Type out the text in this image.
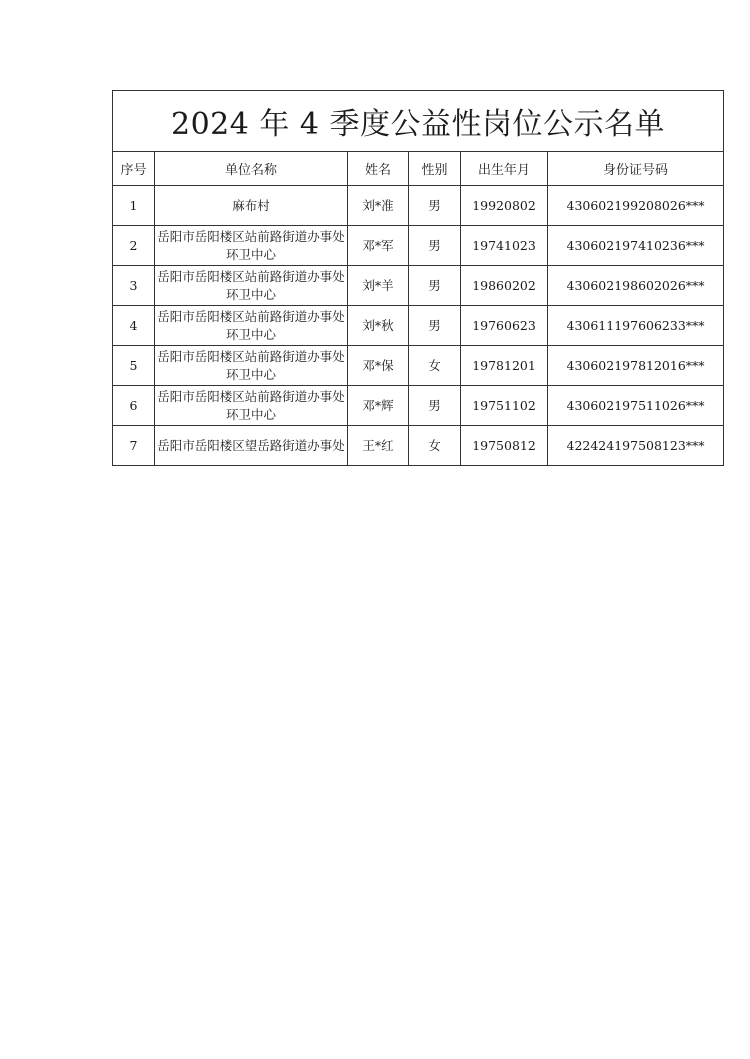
2024 年 4 季度公益性岗位公示名单					
序号	单位名称	姓名	性别	出生年月	身份证号码
1	麻布村	刘*准	男	19920802	430602199208026***
2	岳阳市岳阳楼区站前路街道办事处环卫中心	邓*军	男	19741023	430602197410236***
3	岳阳市岳阳楼区站前路街道办事处环卫中心	刘*羊	男	19860202	430602198602026***
4	岳阳市岳阳楼区站前路街道办事处环卫中心	刘*秋	男	19760623	430611197606233***
5	岳阳市岳阳楼区站前路街道办事处环卫中心	邓*保	女	19781201	430602197812016***
6	岳阳市岳阳楼区站前路街道办事处环卫中心	邓*辉	男	19751102	430602197511026***
7	岳阳市岳阳楼区望岳路街道办事处	王*红	女	19750812	422424197508123***
